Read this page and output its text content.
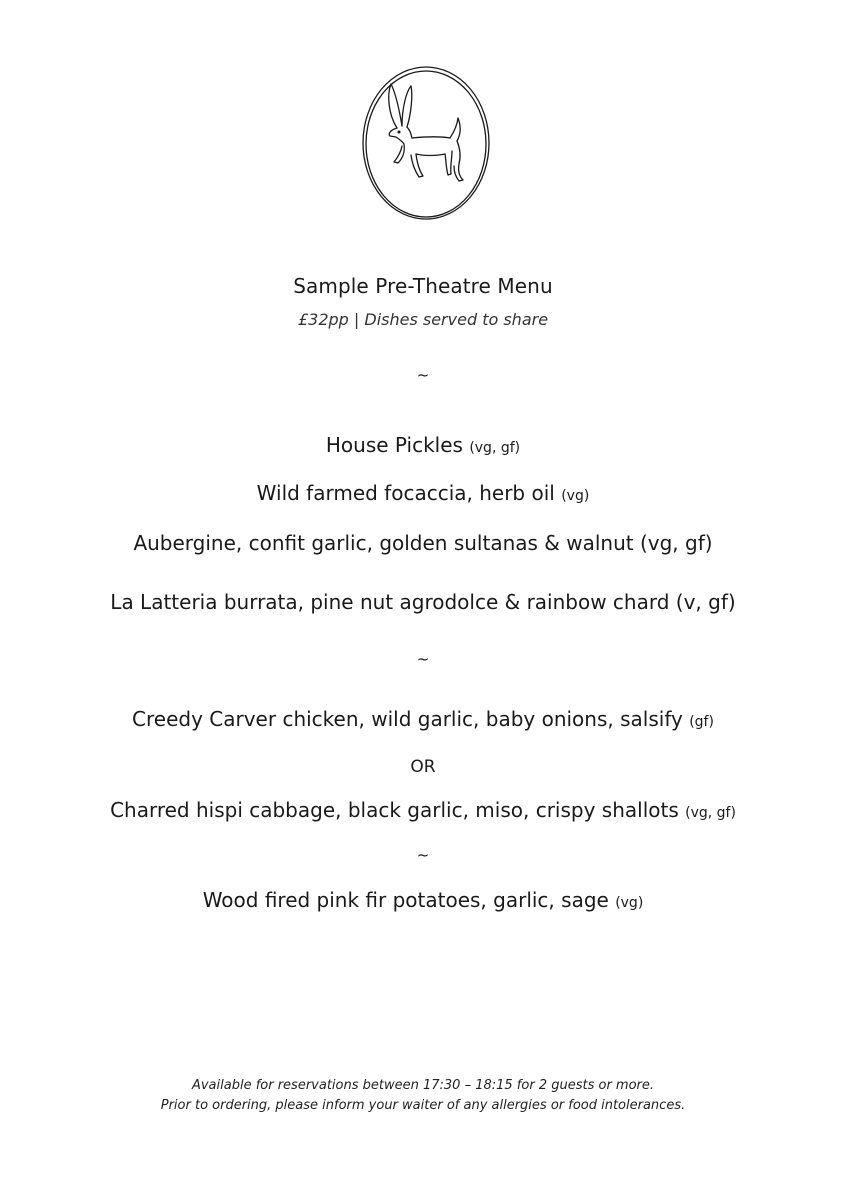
Sample Pre-Theatre Menu
£32pp | Dishes served to share
~
House Pickles (vg, gf)
Wild farmed focaccia, herb oil (vg)
Aubergine, confit garlic, golden sultanas & walnut (vg, gf)
La Latteria burrata, pine nut agrodolce & rainbow chard (v, gf)
~
Creedy Carver chicken, wild garlic, baby onions, salsify (gf)
OR
Charred hispi cabbage, black garlic, miso, crispy shallots (vg, gf)
~
Wood fired pink fir potatoes, garlic, sage (vg)
Available for reservations between 17:30 – 18:15 for 2 guests or more.
Prior to ordering, please inform your waiter of any allergies or food intolerances.
